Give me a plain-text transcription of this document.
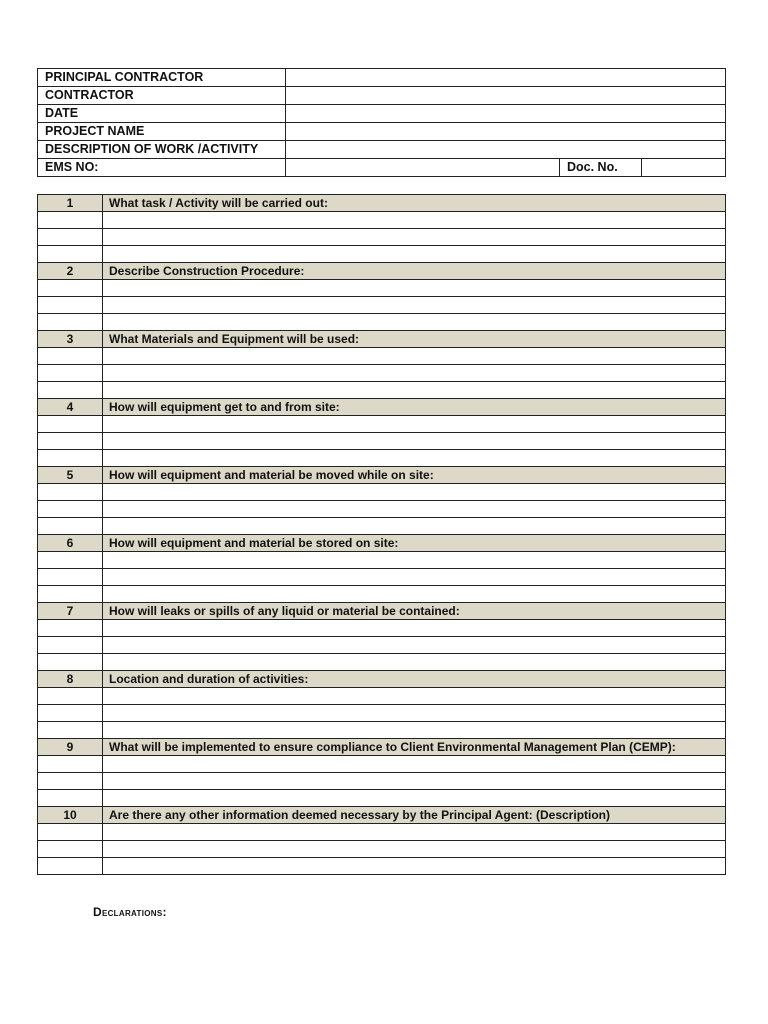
PRINCIPAL CONTRACTOR			
CONTRACTOR			
DATE			
PROJECT NAME			
DESCRIPTION OF WORK /ACTIVITY			
EMS NO:		Doc. No.	
1	What task / Activity will be carried out:

2	Describe Construction Procedure:

3	What Materials and Equipment will be used:

4	How will equipment get to and from site:

5	How will equipment and material be moved while on site:

6	How will equipment and material be stored on site:

7	How will leaks or spills of any liquid or material be contained:

8	Location and duration of activities:

9	What will be implemented to ensure compliance to Client Environmental Management Plan (CEMP):

10	Are there any other information deemed necessary by the Principal Agent: (Description)

Declarations:
